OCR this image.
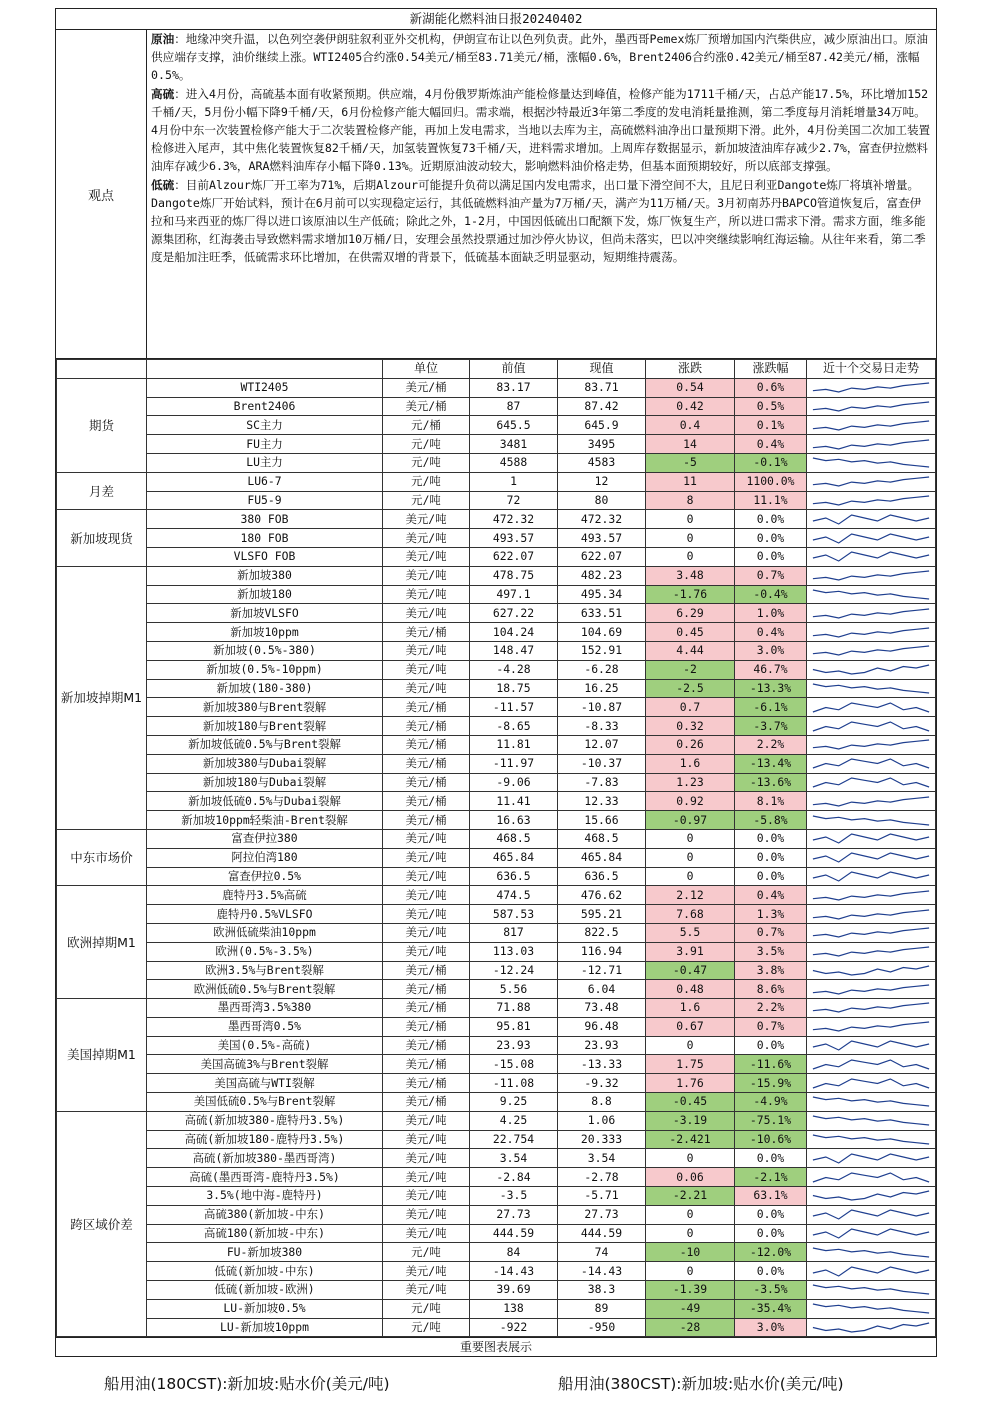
新湖能化燃料油日报20240402
观点

原油：地缘冲突升温，以色列空袭伊朗驻叙利亚外交机构，伊朗宣布让以色列负责。此外，墨西哥Pemex炼厂预增加国内汽柴供应，减少原油出口。原油供应端存支撑，油价继续上涨。WTI2405合约涨0.54美元/桶至83.71美元/桶，涨幅0.6%，Brent2406合约涨0.42美元/桶至87.42美元/桶，涨幅0.5%。

高硫：进入4月份，高硫基本面有收紧预期。供应端，4月份俄罗斯炼油产能检修量达到峰值，检修产能为1711千桶/天，占总产能17.5%，环比增加152千桶/天，5月份小幅下降9千桶/天，6月份检修产能大幅回归。需求端，根据沙特最近3年第二季度的发电消耗量推测，第二季度每月消耗增量34万吨。4月份中东一次装置检修产能大于二次装置检修产能，再加上发电需求，当地以去库为主，高硫燃料油净出口量预期下滑。此外，4月份美国二次加工装置检修进入尾声，其中焦化装置恢复82千桶/天，加氢装置恢复73千桶/天，进料需求增加。上周库存数据显示，新加坡渣油库存减少2.7%，富查伊拉燃料油库存减少6.3%，ARA燃料油库存小幅下降0.13%。近期原油波动较大，影响燃料油价格走势，但基本面预期较好，所以底部支撑强。

低硫：目前Alzour炼厂开工率为71%，后期Alzour可能提升负荷以满足国内发电需求，出口量下滑空间不大，且尼日利亚Dangote炼厂将填补增量。Dangote炼厂开始试料，预计在6月前可以实现稳定运行，其低硫燃料油产量为7万桶/天，满产为11万桶/天。3月初南苏丹BAPCO管道恢复后，富查伊拉和马来西亚的炼厂得以进口该原油以生产低硫；除此之外，1-2月，中国因低硫出口配额下发，炼厂恢复生产，所以进口需求下滑。需求方面，维多能源集团称，红海袭击导致燃料需求增加10万桶/日，安理会虽然投票通过加沙停火协议，但尚未落实，巴以冲突继续影响红海运输。从往年来看，第二季度是船加注旺季，低硫需求环比增加，在供需双增的背景下，低硫基本面缺乏明显驱动，短期维持震荡。

		单位	前值	现值	涨跌	涨跌幅	近十个交易日走势
期货	WTI2405	美元/桶	83.17	83.71	0.54	0.6%	

	Brent2406	美元/桶	87	87.42	0.42	0.5%	

	SC主力	元/桶	645.5	645.9	0.4	0.1%	

	FU主力	元/吨	3481	3495	14	0.4%	

	LU主力	元/吨	4588	4583	-5	-0.1%	

月差	LU6-7	元/吨	1	12	11	1100.0%	

	FU5-9	元/吨	72	80	8	11.1%	

新加坡现货	380 FOB	美元/吨	472.32	472.32	0	0.0%	

	180 FOB	美元/吨	493.57	493.57	0	0.0%	

	VLSFO FOB	美元/吨	622.07	622.07	0	0.0%	

新加坡掉期M1	新加坡380	美元/吨	478.75	482.23	3.48	0.7%	

	新加坡180	美元/吨	497.1	495.34	-1.76	-0.4%	

	新加坡VLSFO	美元/吨	627.22	633.51	6.29	1.0%	

	新加坡10ppm	美元/桶	104.24	104.69	0.45	0.4%	

	新加坡(0.5%-380)	美元/吨	148.47	152.91	4.44	3.0%	

	新加坡(0.5%-10ppm)	美元/吨	-4.28	-6.28	-2	46.7%	

	新加坡(180-380)	美元/吨	18.75	16.25	-2.5	-13.3%	

	新加坡380与Brent裂解	美元/桶	-11.57	-10.87	0.7	-6.1%	

	新加坡180与Brent裂解	美元/桶	-8.65	-8.33	0.32	-3.7%	

	新加坡低硫0.5%与Brent裂解	美元/桶	11.81	12.07	0.26	2.2%	

	新加坡380与Dubai裂解	美元/桶	-11.97	-10.37	1.6	-13.4%	

	新加坡180与Dubai裂解	美元/桶	-9.06	-7.83	1.23	-13.6%	

	新加坡低硫0.5%与Dubai裂解	美元/桶	11.41	12.33	0.92	8.1%	

	新加坡10ppm轻柴油-Brent裂解	美元/桶	16.63	15.66	-0.97	-5.8%	

中东市场价	富查伊拉380	美元/吨	468.5	468.5	0	0.0%	

	阿拉伯湾180	美元/吨	465.84	465.84	0	0.0%	

	富查伊拉0.5%	美元/吨	636.5	636.5	0	0.0%	

欧洲掉期M1	鹿特丹3.5%高硫	美元/吨	474.5	476.62	2.12	0.4%	

	鹿特丹0.5%VLSFO	美元/吨	587.53	595.21	7.68	1.3%	

	欧洲低硫柴油10ppm	美元/吨	817	822.5	5.5	0.7%	

	欧洲(0.5%-3.5%)	美元/吨	113.03	116.94	3.91	3.5%	

	欧洲3.5%与Brent裂解	美元/桶	-12.24	-12.71	-0.47	3.8%	

	欧洲低硫0.5%与Brent裂解	美元/桶	5.56	6.04	0.48	8.6%	

美国掉期M1	墨西哥湾3.5%380	美元/桶	71.88	73.48	1.6	2.2%	

	墨西哥湾0.5%	美元/桶	95.81	96.48	0.67	0.7%	

	美国(0.5%-高硫)	美元/桶	23.93	23.93	0	0.0%	

	美国高硫3%与Brent裂解	美元/桶	-15.08	-13.33	1.75	-11.6%	

	美国高硫与WTI裂解	美元/桶	-11.08	-9.32	1.76	-15.9%	

	美国低硫0.5%与Brent裂解	美元/桶	9.25	8.8	-0.45	-4.9%	

跨区域价差	高硫(新加坡380-鹿特丹3.5%)	美元/吨	4.25	1.06	-3.19	-75.1%	

	高硫(新加坡180-鹿特丹3.5%)	美元/吨	22.754	20.333	-2.421	-10.6%	

	高硫(新加坡380-墨西哥湾)	美元/吨	3.54	3.54	0	0.0%	

	高硫(墨西哥湾-鹿特丹3.5%)	美元/吨	-2.84	-2.78	0.06	-2.1%	

	3.5%(地中海-鹿特丹)	美元/吨	-3.5	-5.71	-2.21	63.1%	

	高硫380(新加坡-中东)	美元/吨	27.73	27.73	0	0.0%	

	高硫180(新加坡-中东)	美元/吨	444.59	444.59	0	0.0%	

	FU-新加坡380	元/吨	84	74	-10	-12.0%	

	低硫(新加坡-中东)	美元/吨	-14.43	-14.43	0	0.0%	

	低硫(新加坡-欧洲)	美元/吨	39.69	38.3	-1.39	-3.5%	

	LU-新加坡0.5%	元/吨	138	89	-49	-35.4%	

	LU-新加坡10ppm	元/吨	-922	-950	-28	3.0%	
重要图表展示
船用油(180CST):新加坡:贴水价(美元/吨)	船用油(380CST):新加坡:贴水价(美元/吨)
